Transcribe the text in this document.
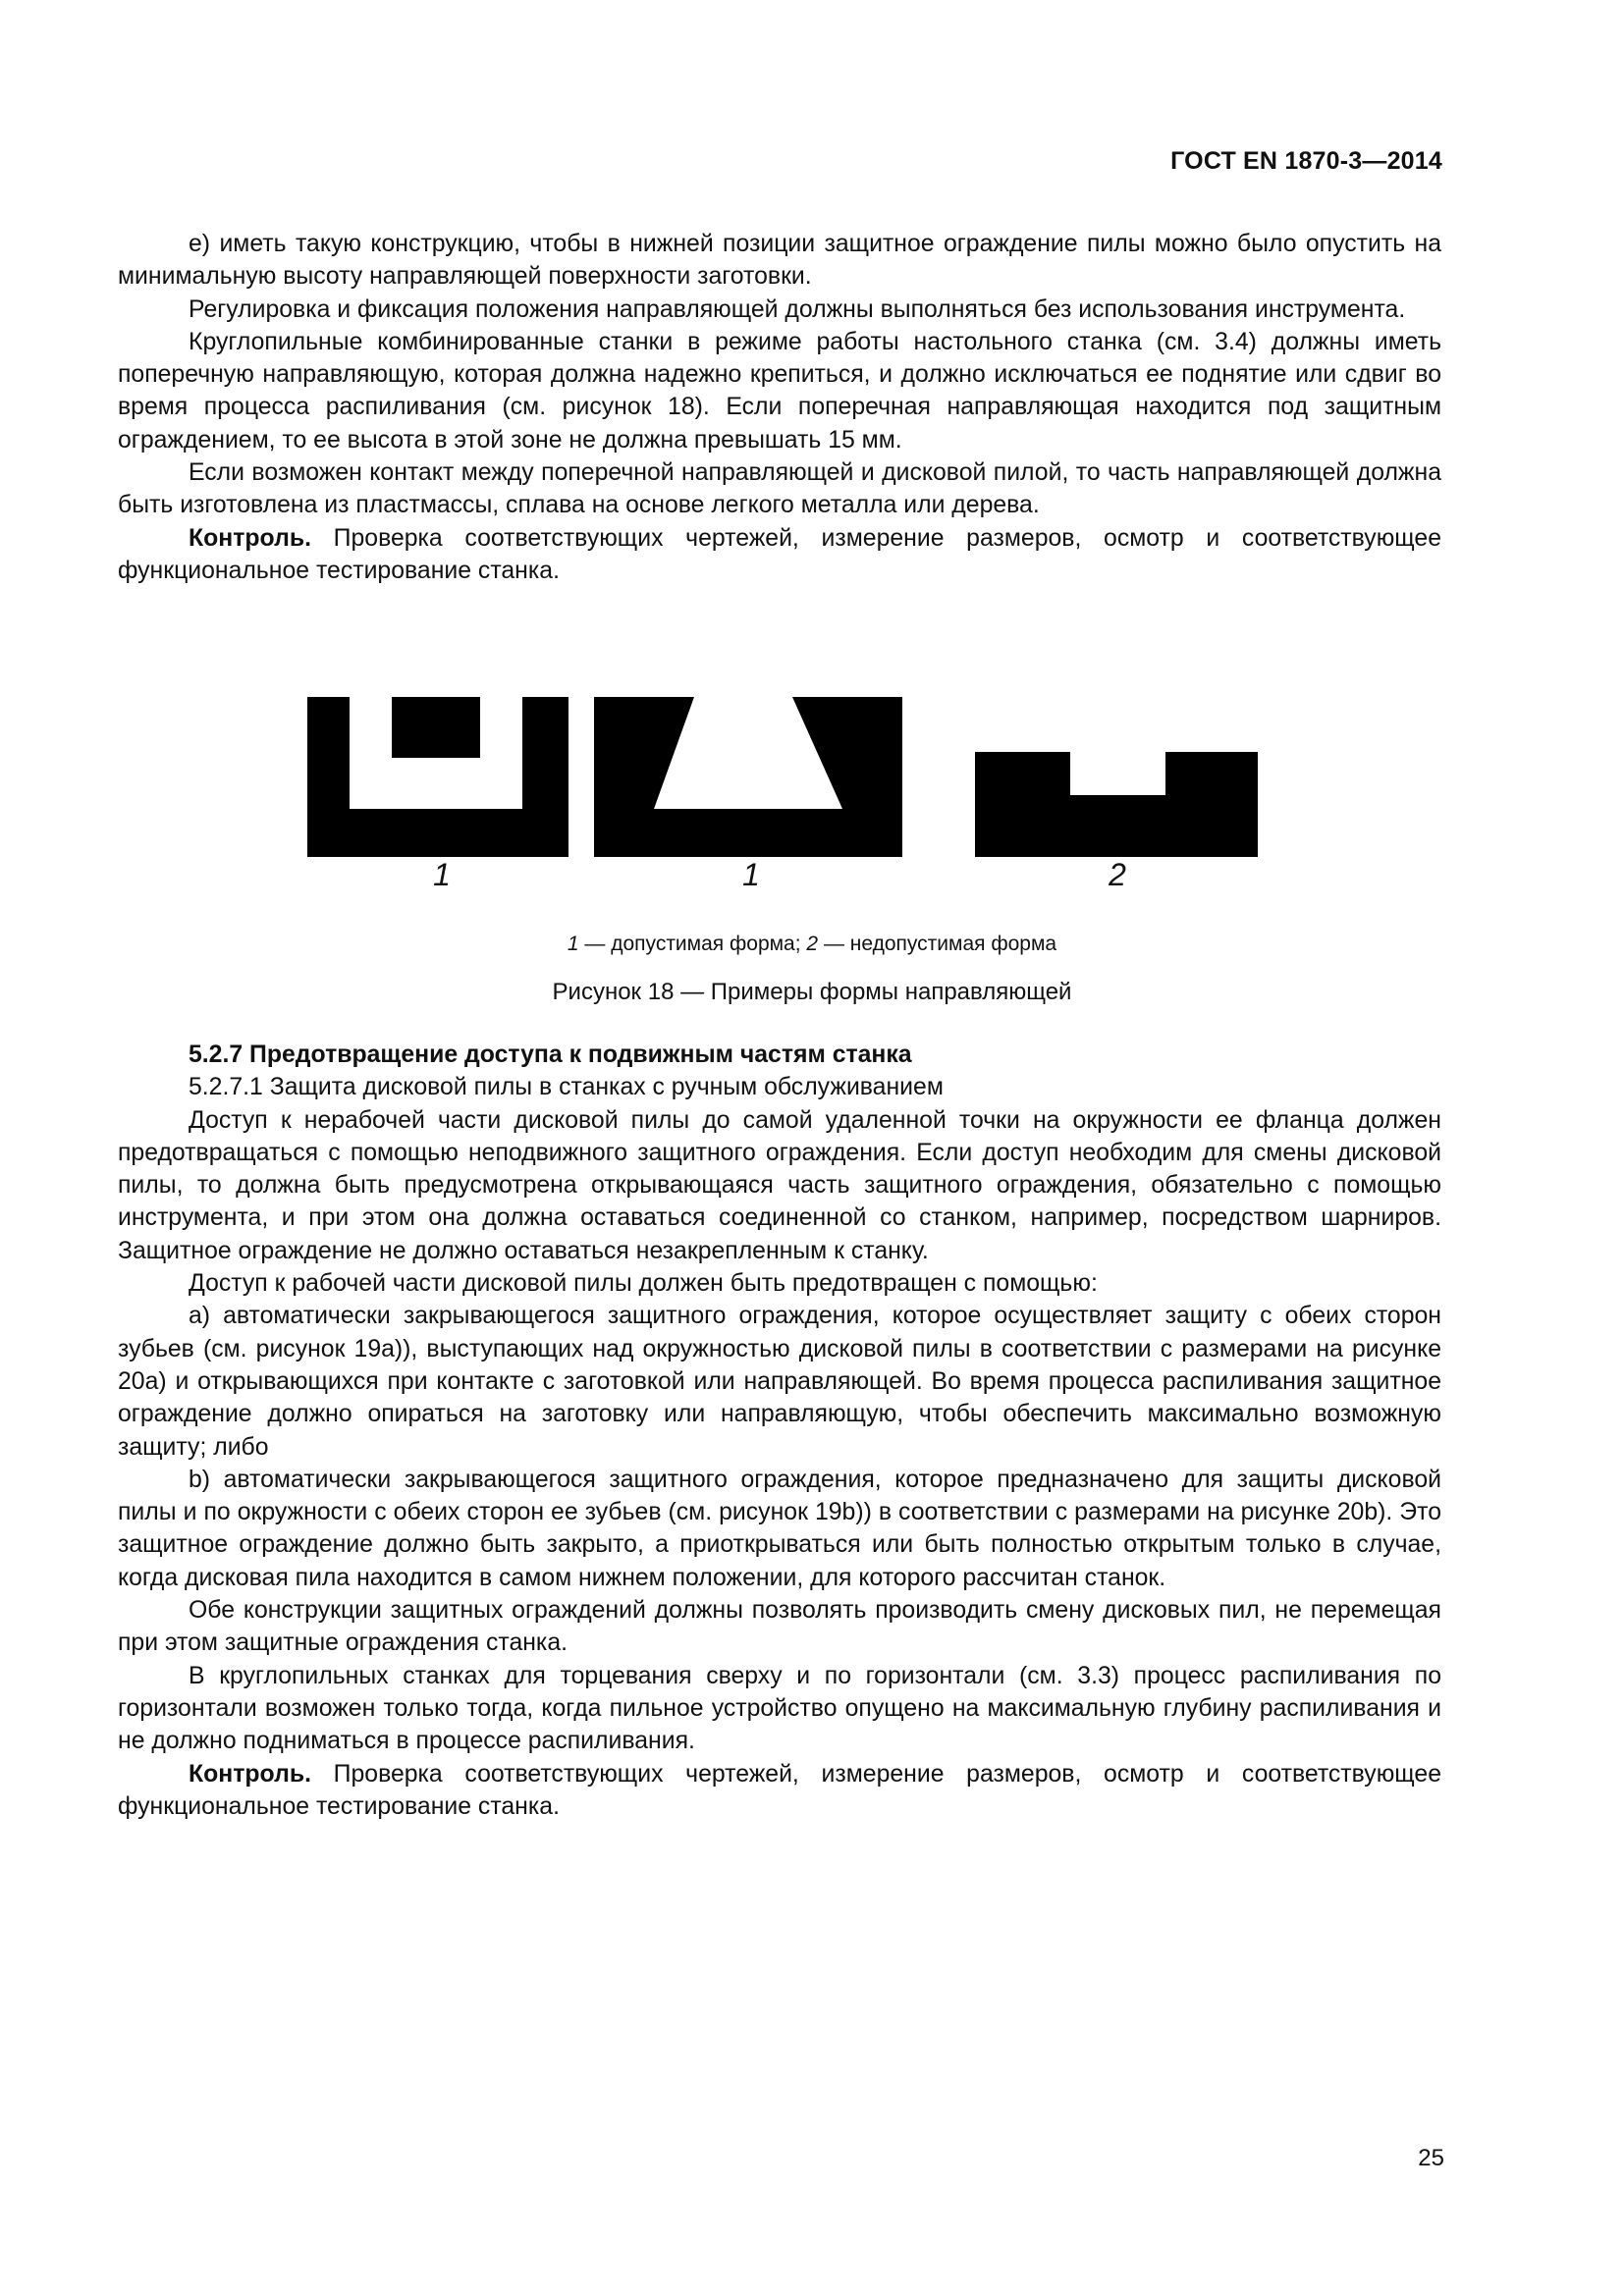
ГОСТ EN 1870-3—2014

e) иметь такую конструкцию, чтобы в нижней позиции защитное ограждение пилы можно было опустить на минимальную высоту направляющей поверхности заготовки.

Регулировка и фиксация положения направляющей должны выполняться без использования инструмента.

Круглопильные комбинированные станки в режиме работы настольного станка (см. 3.4) должны иметь поперечную направляющую, которая должна надежно крепиться, и должно исключаться ее поднятие или сдвиг во время процесса распиливания (см. рисунок 18). Если поперечная направляющая находится под защитным ограждением, то ее высота в этой зоне не должна превышать 15 мм.

Если возможен контакт между поперечной направляющей и дисковой пилой, то часть направляющей должна быть изготовлена из пластмассы, сплава на основе легкого металла или дерева.

Контроль. Проверка соответствующих чертежей, измерение размеров, осмотр и соответствующее функциональное тестирование станка.

1	1	2
1 — допустимая форма; 2 — недопустимая форма
Рисунок 18 — Примеры формы направляющей

5.2.7 Предотвращение доступа к подвижным частям станка

5.2.7.1 Защита дисковой пилы в станках с ручным обслуживанием

Доступ к нерабочей части дисковой пилы до самой удаленной точки на окружности ее фланца должен предотвращаться с помощью неподвижного защитного ограждения. Если доступ необходим для смены дисковой пилы, то должна быть предусмотрена открывающаяся часть защитного ограждения, обязательно с помощью инструмента, и при этом она должна оставаться соединенной со станком, например, посредством шарниров. Защитное ограждение не должно оставаться незакрепленным к станку.

Доступ к рабочей части дисковой пилы должен быть предотвращен с помощью:

a) автоматически закрывающегося защитного ограждения, которое осуществляет защиту с обеих сторон зубьев (см. рисунок 19a)), выступающих над окружностью дисковой пилы в соответствии с размерами на рисунке 20a) и открывающихся при контакте с заготовкой или направляющей. Во время процесса распиливания защитное ограждение должно опираться на заготовку или направляющую, чтобы обеспечить максимально возможную защиту; либо

b) автоматически закрывающегося защитного ограждения, которое предназначено для защиты дисковой пилы и по окружности с обеих сторон ее зубьев (см. рисунок 19b)) в соответствии с размерами на рисунке 20b). Это защитное ограждение должно быть закрыто, а приоткрываться или быть полностью открытым только в случае, когда дисковая пила находится в самом нижнем положении, для которого рассчитан станок.

Обе конструкции защитных ограждений должны позволять производить смену дисковых пил, не перемещая при этом защитные ограждения станка.

В круглопильных станках для торцевания сверху и по горизонтали (см. 3.3) процесс распиливания по горизонтали возможен только тогда, когда пильное устройство опущено на максимальную глубину распиливания и не должно подниматься в процессе распиливания.

Контроль. Проверка соответствующих чертежей, измерение размеров, осмотр и соответствующее функциональное тестирование станка.

25
